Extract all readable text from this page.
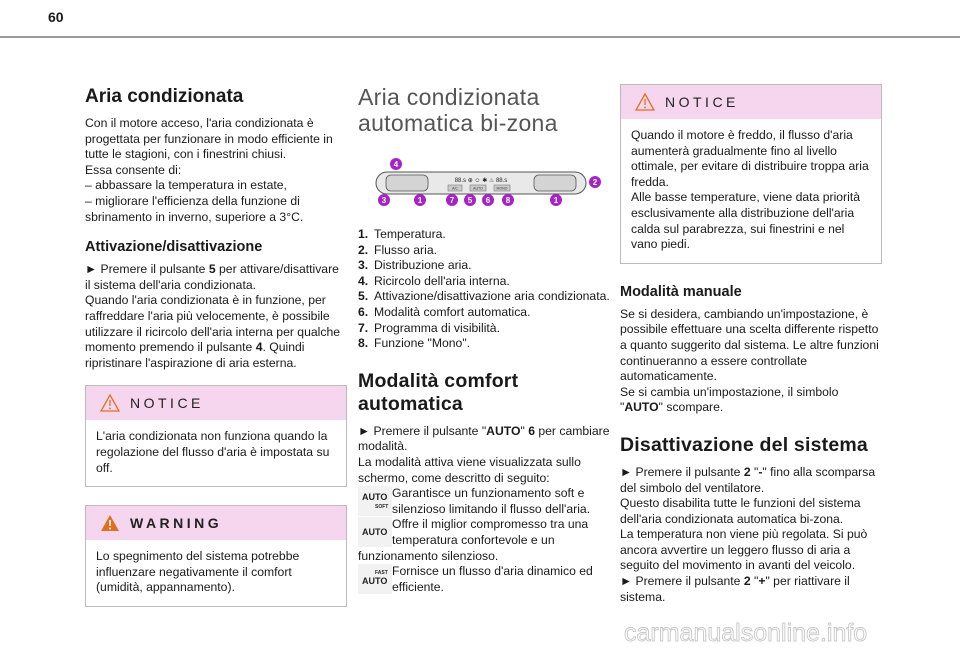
60
Aria condizionata
Con il motore acceso, l'aria condizionata è progettata per funzionare in modo efficiente in tutte le stagioni, con i finestrini chiusi.
Essa consente di:
– abbassare la temperatura in estate,
– migliorare l'efficienza della funzione di sbrinamento in inverno, superiore a 3°C.
Attivazione/disattivazione
► Premere il pulsante 5 per attivare/disattivare il sistema dell'aria condizionata.
Quando l'aria condizionata è in funzione, per raffreddare l'aria più velocemente, è possibile utilizzare il ricircolo dell'aria interna per qualche momento premendo il pulsante 4. Quindi ripristinare l'aspirazione di aria esterna.
NOTICE
L'aria condizionata non funziona quando la regolazione del flusso d'aria è impostata su off.
WARNING
Lo spegnimento del sistema potrebbe influenzare negativamente il comfort (umidità, appannamento).
Aria condizionata
automatica bi-zona
88.s ⊕ ☺ ✱ ♨ 88.s
A/C	AUTO	MONO
4
2
3	1	7 5 6 8	1
1. Temperatura.
2. Flusso aria.
3. Distribuzione aria.
4. Ricircolo dell'aria interna.
5. Attivazione/disattivazione aria condizionata.
6. Modalità comfort automatica.
7. Programma di visibilità.
8. Funzione "Mono".
Modalità comfort automatica
► Premere il pulsante "AUTO" 6 per cambiare modalità.
La modalità attiva viene visualizzata sullo schermo, come descritto di seguito:
AUTO
SOFT
Garantisce un funzionamento soft e silenzioso limitando il flusso dell'aria.
AUTO
Offre il miglior compromesso tra una temperatura confortevole e un
funzionamento silenzioso.
FAST
AUTO
Fornisce un flusso d'aria dinamico ed efficiente.
NOTICE
Quando il motore è freddo, il flusso d'aria aumenterà gradualmente fino al livello ottimale, per evitare di distribuire troppa aria fredda.
Alle basse temperature, viene data priorità esclusivamente alla distribuzione dell'aria calda sul parabrezza, sui finestrini e nel vano piedi.
Modalità manuale
Se si desidera, cambiando un'impostazione, è possibile effettuare una scelta differente rispetto a quanto suggerito dal sistema. Le altre funzioni continueranno a essere controllate automaticamente.
Se si cambia un'impostazione, il simbolo "AUTO" scompare.
Disattivazione del sistema
► Premere il pulsante 2 "-" fino alla scomparsa del simbolo del ventilatore.
Questo disabilita tutte le funzioni del sistema dell'aria condizionata automatica bi-zona.
La temperatura non viene più regolata. Si può ancora avvertire un leggero flusso di aria a seguito del movimento in avanti del veicolo.
► Premere il pulsante 2 "+" per riattivare il sistema.
carmanualsonline.info
